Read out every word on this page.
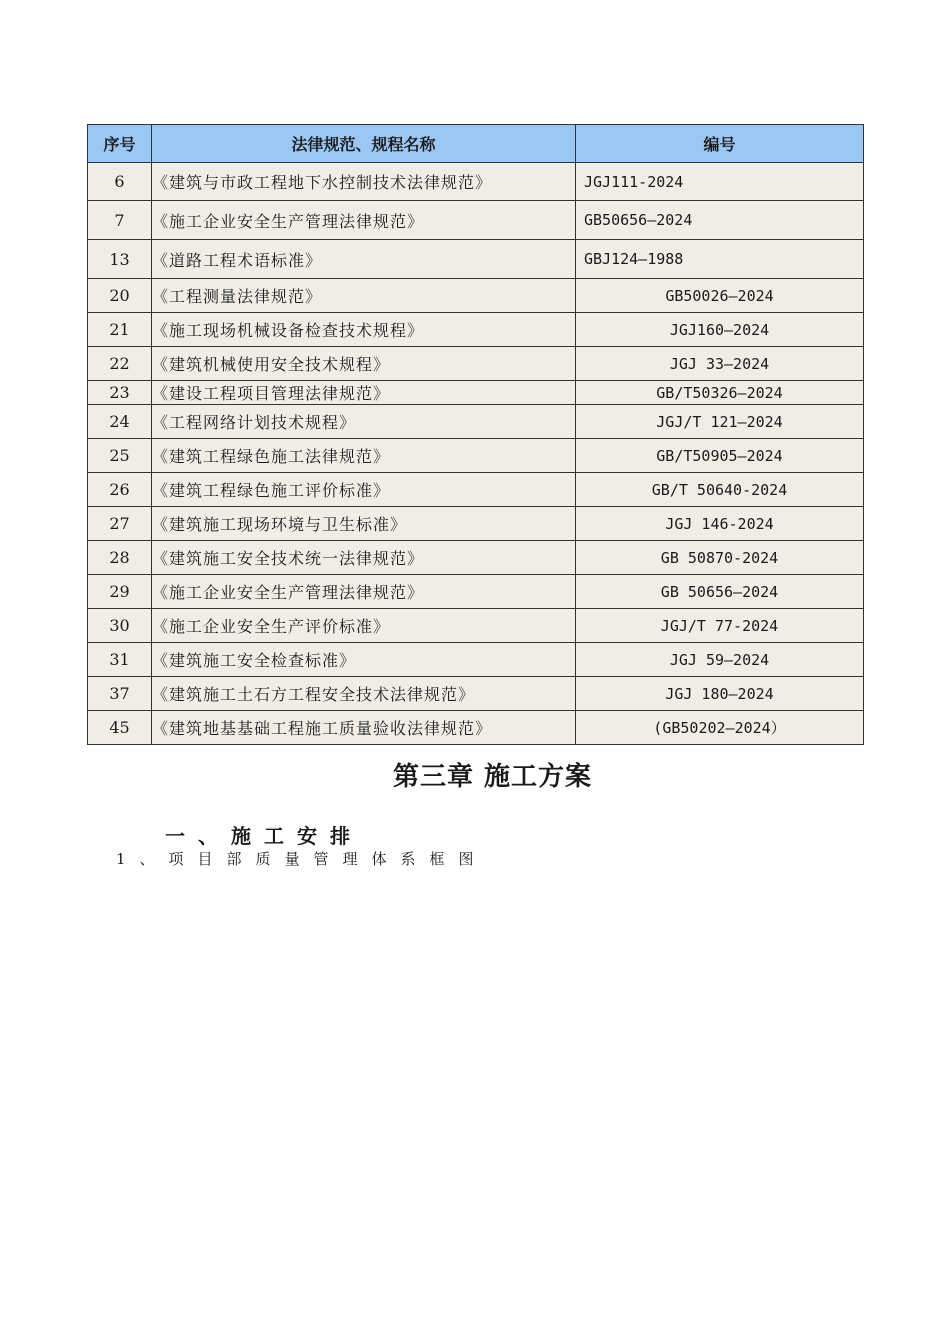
序号	法律规范、规程名称	编号
6	《建筑与市政工程地下水控制技术法律规范》	JGJ111-2024
7	《施工企业安全生产管理法律规范》	GB50656—2024
13	《道路工程术语标准》	GBJ124—1988
20	《工程测量法律规范》	GB50026—2024
21	《施工现场机械设备检查技术规程》	JGJ160—2024
22	《建筑机械使用安全技术规程》	JGJ 33—2024
23	《建设工程项目管理法律规范》	GB/T50326—2024
24	《工程网络计划技术规程》	JGJ/T 121—2024
25	《建筑工程绿色施工法律规范》	GB/T50905—2024
26	《建筑工程绿色施工评价标准》	GB/T 50640-2024
27	《建筑施工现场环境与卫生标准》	JGJ 146-2024
28	《建筑施工安全技术统一法律规范》	GB 50870-2024
29	《施工企业安全生产管理法律规范》	GB 50656—2024
30	《施工企业安全生产评价标准》	JGJ/T 77-2024
31	《建筑施工安全检查标准》	JGJ 59—2024
37	《建筑施工土石方工程安全技术法律规范》	JGJ 180—2024
45	《建筑地基基础工程施工质量验收法律规范》	(GB50202—2024）
第三章 施工方案
一、施工安排
1、项目部质量管理体系框图
